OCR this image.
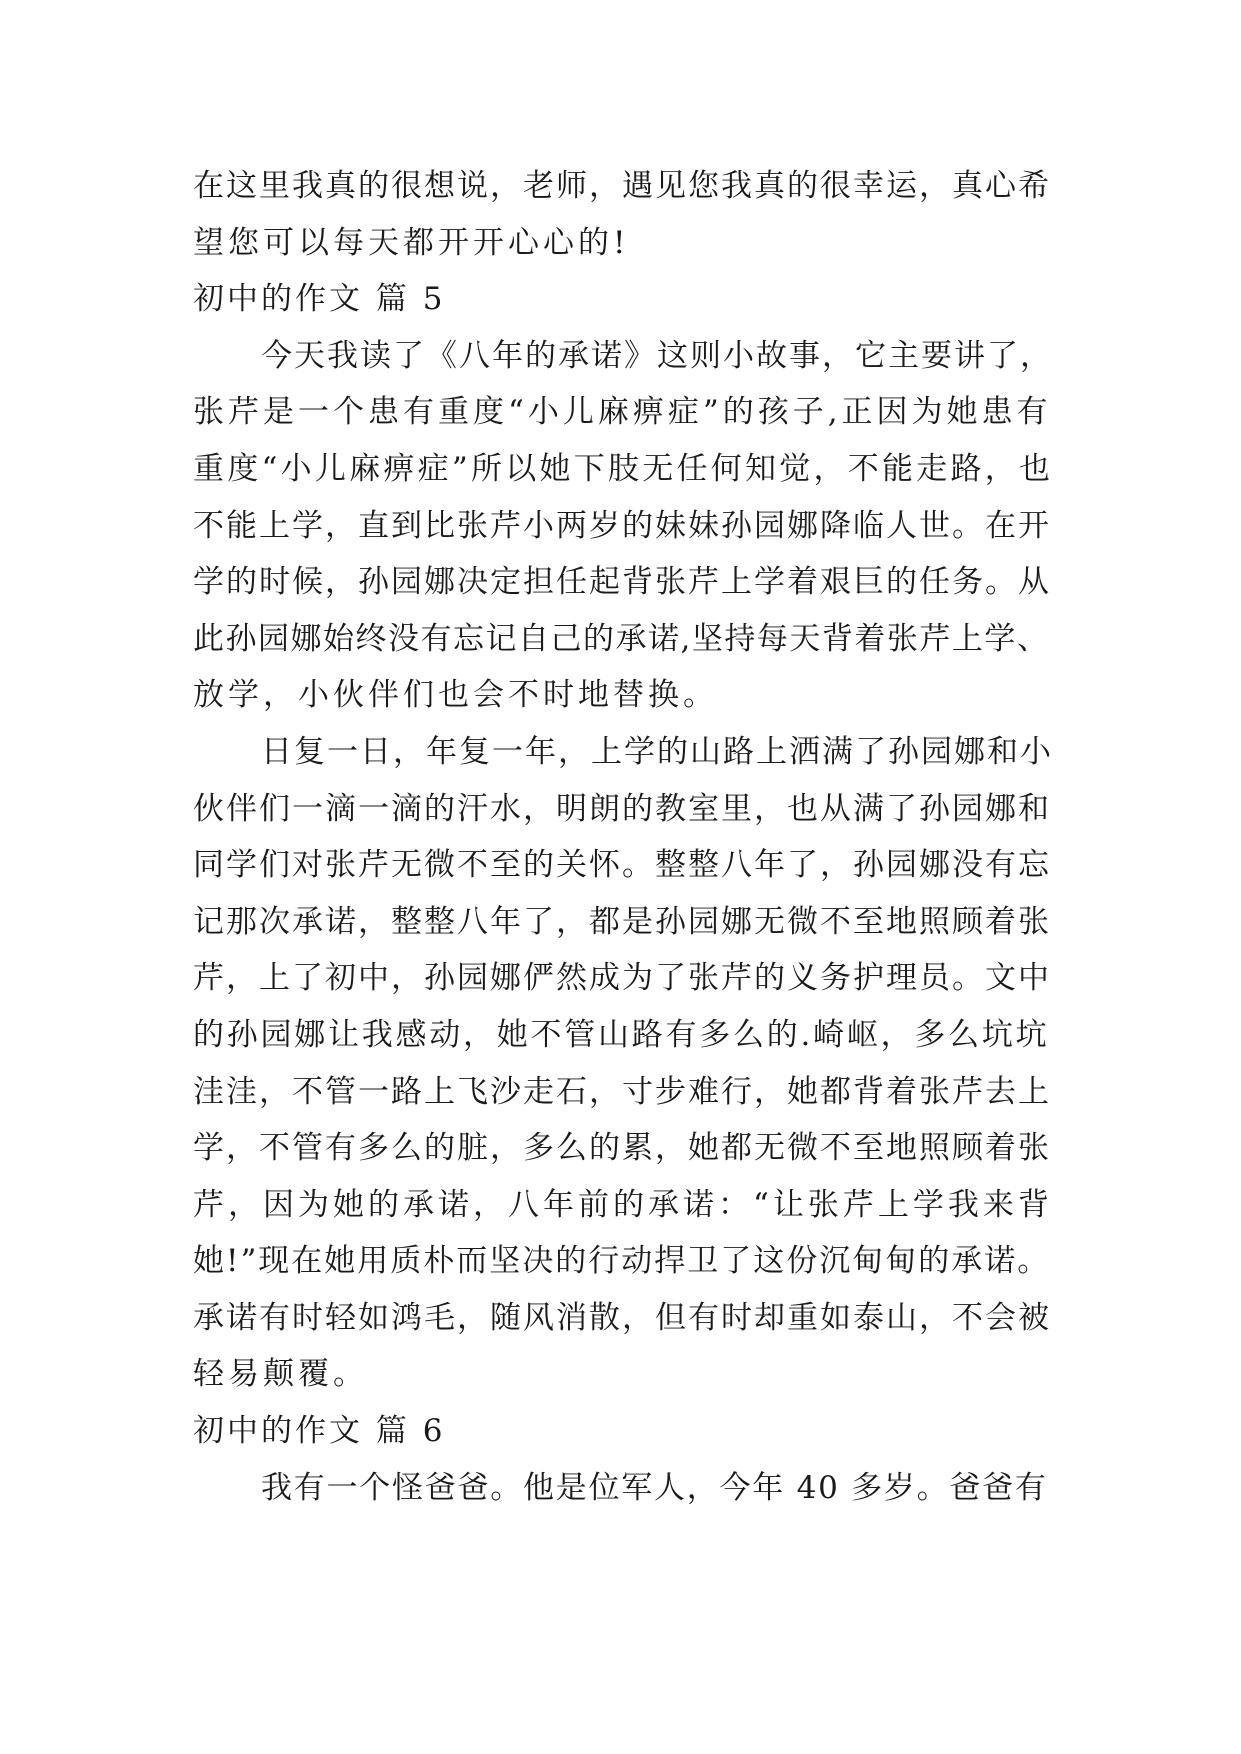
在这里我真的很想说，老师，遇见您我真的很幸运，真心希
望您可以每天都开开心心的!
初中的作文 篇 5
今天我读了《八年的承诺》这则小故事，它主要讲了，
张芹是一个患有重度“小儿麻痹症”的孩子,正因为她患有
重度“小儿麻痹症”所以她下肢无任何知觉，不能走路，也
不能上学，直到比张芹小两岁的妹妹孙园娜降临人世。在开
学的时候，孙园娜决定担任起背张芹上学着艰巨的任务。从
此孙园娜始终没有忘记自己的承诺,坚持每天背着张芹上学、
放学，小伙伴们也会不时地替换。
日复一日，年复一年，上学的山路上洒满了孙园娜和小
伙伴们一滴一滴的汗水，明朗的教室里，也从满了孙园娜和
同学们对张芹无微不至的关怀。整整八年了，孙园娜没有忘
记那次承诺，整整八年了，都是孙园娜无微不至地照顾着张
芹，上了初中，孙园娜俨然成为了张芹的义务护理员。文中
的孙园娜让我感动，她不管山路有多么的.崎岖，多么坑坑
洼洼，不管一路上飞沙走石，寸步难行，她都背着张芹去上
学，不管有多么的脏，多么的累，她都无微不至地照顾着张
芹，因为她的承诺，八年前的承诺：“让张芹上学我来背
她!”现在她用质朴而坚决的行动捍卫了这份沉甸甸的承诺。
承诺有时轻如鸿毛，随风消散，但有时却重如泰山，不会被
轻易颠覆。
初中的作文 篇 6
我有一个怪爸爸。他是位军人，今年 40 多岁。爸爸有
